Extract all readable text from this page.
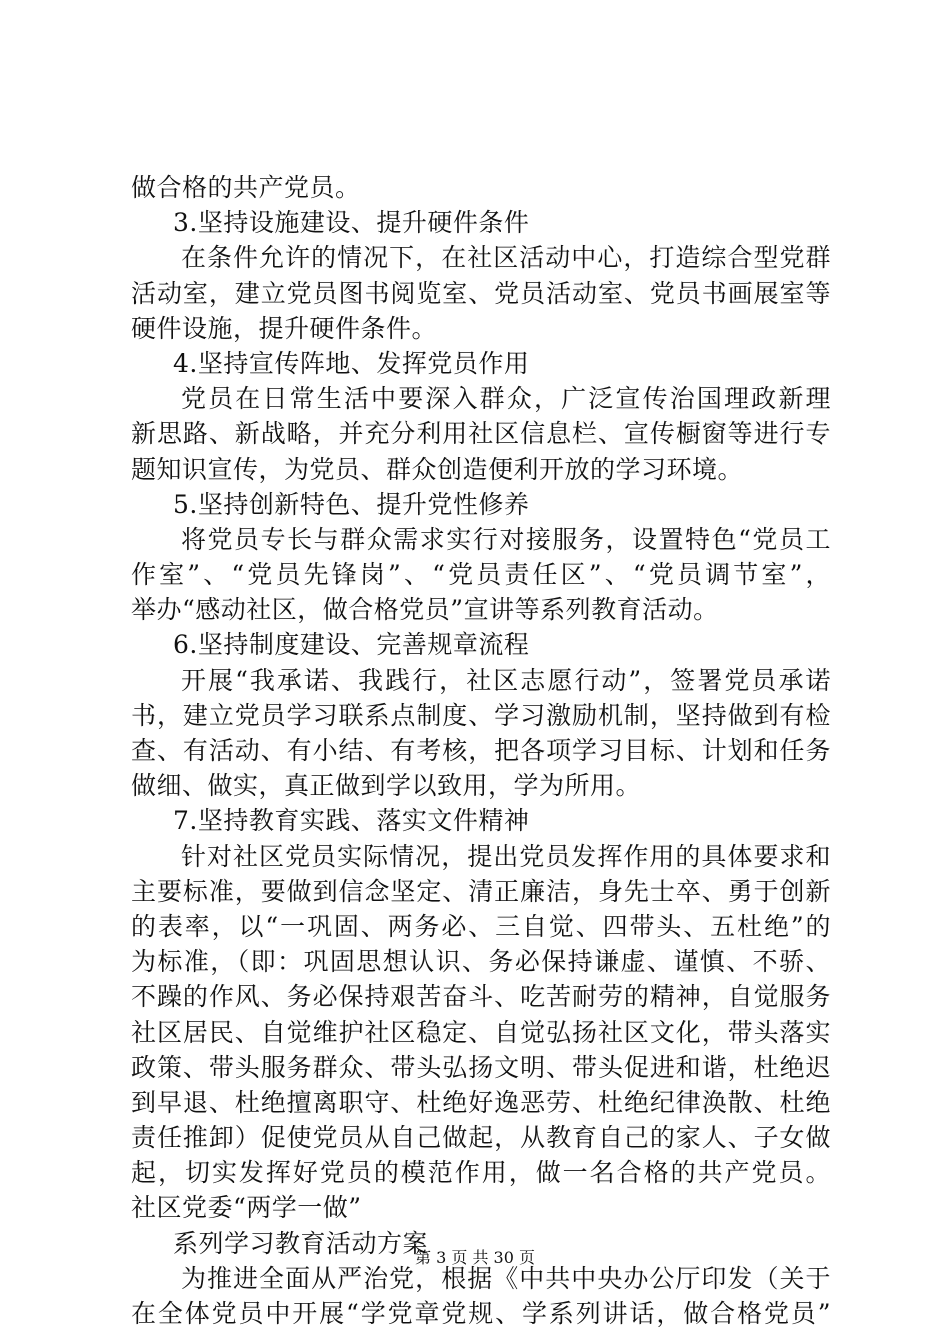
做合格的共产党员。
3.坚持设施建设、提升硬件条件
在条件允许的情况下，在社区活动中心，打造综合型党群
活动室，建立党员图书阅览室、党员活动室、党员书画展室等
硬件设施，提升硬件条件。
4.坚持宣传阵地、发挥党员作用
党员在日常生活中要深入群众，广泛宣传治国理政新理
新思路、新战略，并充分利用社区信息栏、宣传橱窗等进行专
题知识宣传，为党员、群众创造便利开放的学习环境。
5.坚持创新特色、提升党性修养
将党员专长与群众需求实行对接服务，设置特色“党员工
作室”、“党员先锋岗”、“党员责任区”、“党员调节室”，
举办“感动社区，做合格党员”宣讲等系列教育活动。
6.坚持制度建设、完善规章流程
开展“我承诺、我践行，社区志愿行动”，签署党员承诺
书，建立党员学习联系点制度、学习激励机制，坚持做到有检
查、有活动、有小结、有考核，把各项学习目标、计划和任务
做细、做实，真正做到学以致用，学为所用。
7.坚持教育实践、落实文件精神
针对社区党员实际情况，提出党员发挥作用的具体要求和
主要标准，要做到信念坚定、清正廉洁，身先士卒、勇于创新
的表率，以“一巩固、两务必、三自觉、四带头、五杜绝”的
为标准，（即：巩固思想认识、务必保持谦虚、谨慎、不骄、
不躁的作风、务必保持艰苦奋斗、吃苦耐劳的精神，自觉服务
社区居民、自觉维护社区稳定、自觉弘扬社区文化，带头落实
政策、带头服务群众、带头弘扬文明、带头促进和谐，杜绝迟
到早退、杜绝擅离职守、杜绝好逸恶劳、杜绝纪律涣散、杜绝
责任推卸）促使党员从自己做起，从教育自己的家人、子女做
起，切实发挥好党员的模范作用，做一名合格的共产党员。
社区党委“两学一做”
系列学习教育活动方案
为推进全面从严治党，根据《中共中央办公厅印发（关于
在全体党员中开展“学党章党规、学系列讲话，做合格党员”
第 3 页 共 30 页
